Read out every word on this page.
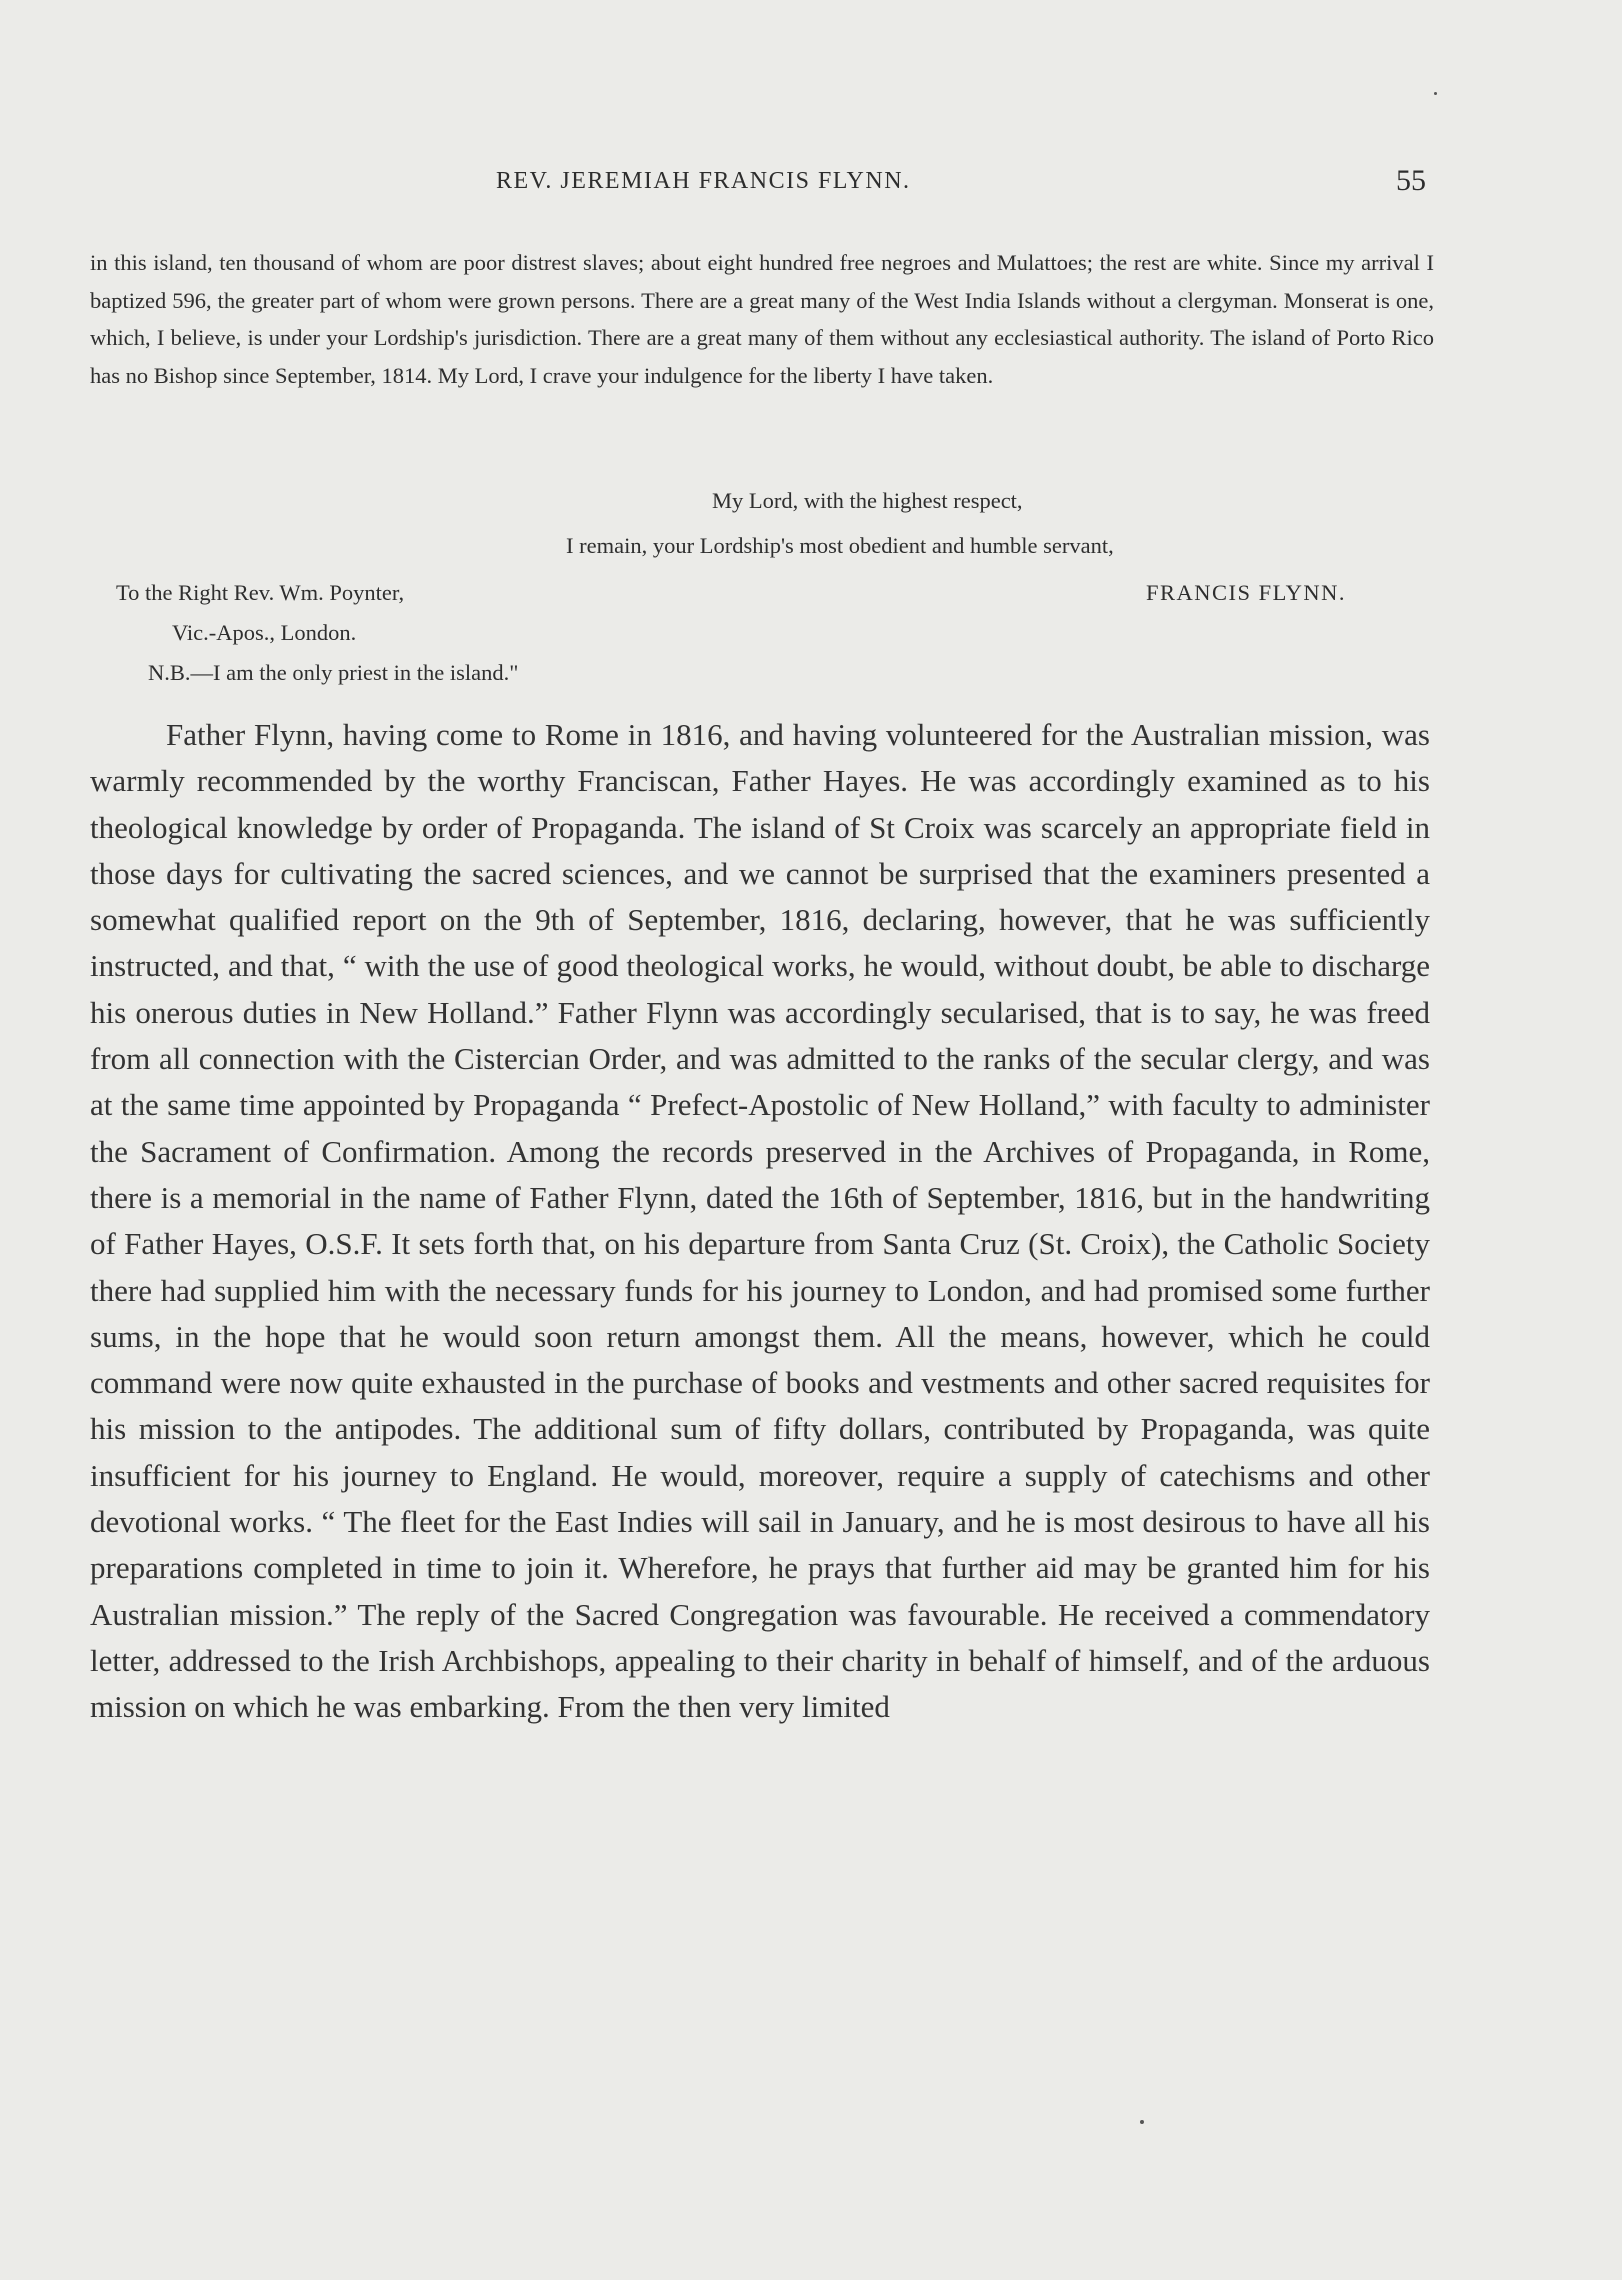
REV. JEREMIAH FRANCIS FLYNN.	55

in this island, ten thousand of whom are poor distrest slaves; about eight hundred free negroes and Mulattoes; the rest are white. Since my arrival I baptized 596, the greater part of whom were grown persons. There are a great many of the West India Islands without a clergyman. Monserat is one, which, I believe, is under your Lordship's jurisdiction. There are a great many of them without any ecclesiastical authority. The island of Porto Rico has no Bishop since September, 1814. My Lord, I crave your indulgence for the liberty I have taken.

My Lord, with the highest respect,
I remain, your Lordship's most obedient and humble servant,
To the Right Rev. Wm. Poynter,	FRANCIS FLYNN.
Vic.-Apos., London.
N.B.—I am the only priest in the island."

Father Flynn, having come to Rome in 1816, and having volunteered for the Australian mission, was warmly recommended by the worthy Franciscan, Father Hayes. He was accordingly examined as to his theological knowledge by order of Propaganda. The island of St Croix was scarcely an appropriate field in those days for cultivating the sacred sciences, and we cannot be surprised that the examiners presented a somewhat qualified report on the 9th of September, 1816, declaring, however, that he was sufficiently instructed, and that, “ with the use of good theological works, he would, without doubt, be able to discharge his onerous duties in New Holland.” Father Flynn was accordingly secularised, that is to say, he was freed from all connection with the Cistercian Order, and was admitted to the ranks of the secular clergy, and was at the same time appointed by Propaganda “ Prefect-Apostolic of New Holland,” with faculty to administer the Sacrament of Confirmation. Among the records preserved in the Archives of Propaganda, in Rome, there is a memorial in the name of Father Flynn, dated the 16th of September, 1816, but in the handwriting of Father Hayes, O.S.F. It sets forth that, on his departure from Santa Cruz (St. Croix), the Catholic Society there had supplied him with the necessary funds for his journey to London, and had promised some further sums, in the hope that he would soon return amongst them. All the means, however, which he could command were now quite exhausted in the purchase of books and vestments and other sacred requisites for his mission to the antipodes. The additional sum of fifty dollars, contributed by Propaganda, was quite insufficient for his journey to England. He would, moreover, require a supply of catechisms and other devotional works. “ The fleet for the East Indies will sail in January, and he is most desirous to have all his preparations completed in time to join it. Wherefore, he prays that further aid may be granted him for his Australian mission.” The reply of the Sacred Congregation was favourable. He received a commendatory letter, addressed to the Irish Archbishops, appealing to their charity in behalf of himself, and of the arduous mission on which he was embarking. From the then very limited
